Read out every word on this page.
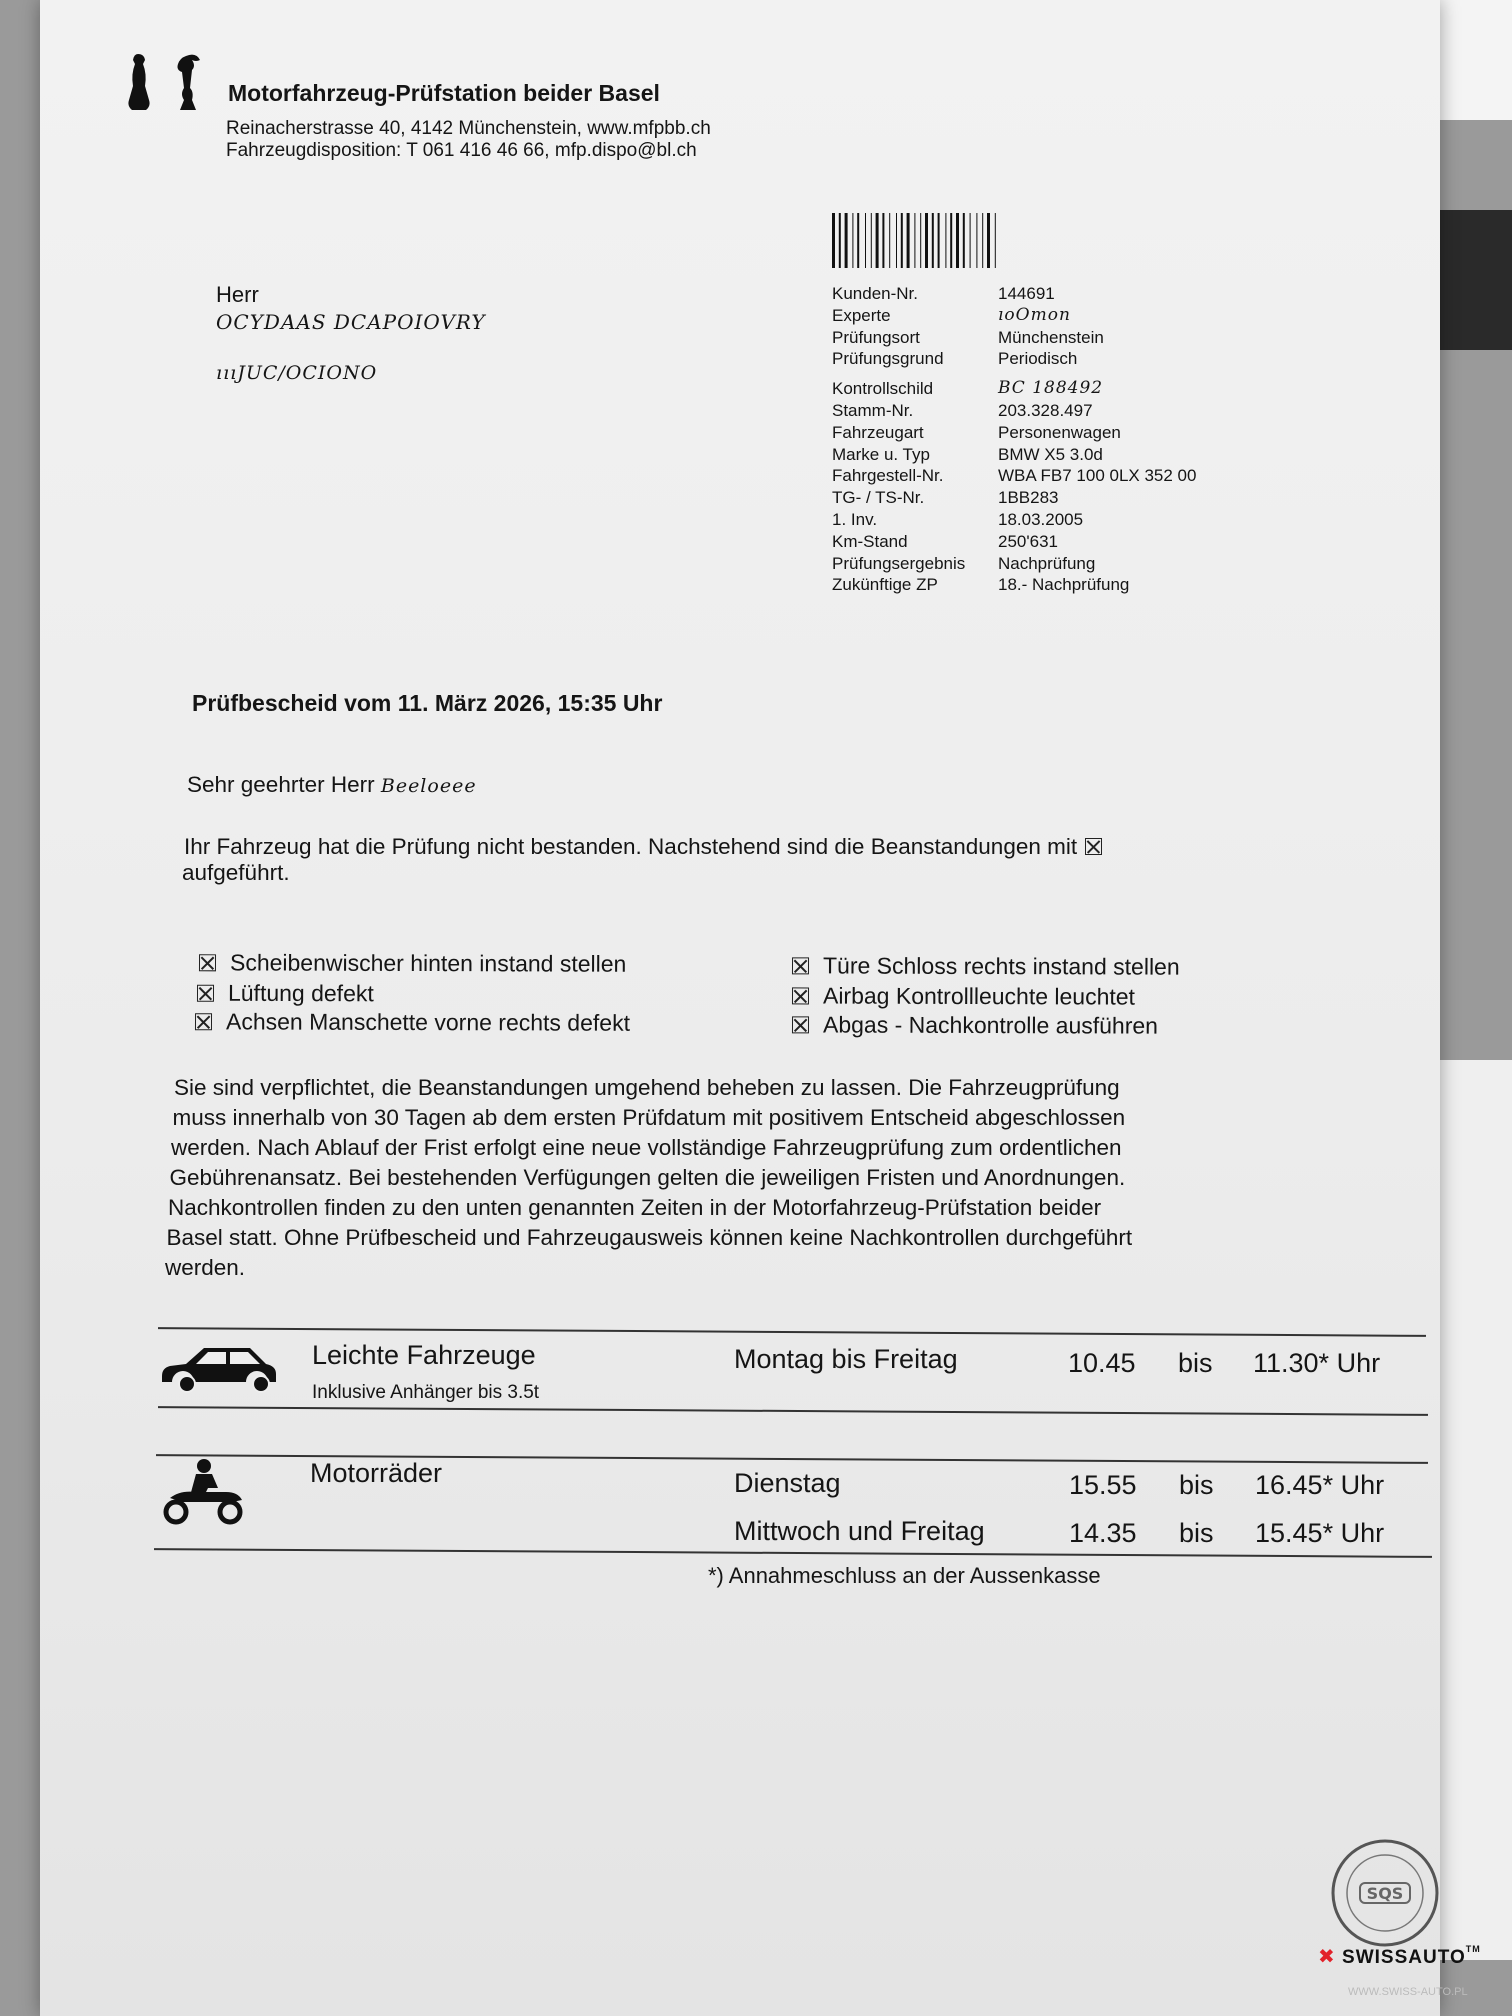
Motorfahrzeug-Prüfstation beider Basel
Reinacherstrasse 40, 4142 Münchenstein, www.mfpbb.ch
Fahrzeugdisposition: T 061 416 46 66, mfp.dispo@bl.ch
Herr
OCYDAAS DCAPOIOVRY
ıııJUC/OCIONO
Kunden-Nr.	144691
Experte	ıoOmon
Prüfungsort	Münchenstein
Prüfungsgrund	Periodisch
Kontrollschild	BC 188492
Stamm-Nr.	203.328.497
Fahrzeugart	Personenwagen
Marke u. Typ	BMW X5 3.0d
Fahrgestell-Nr.	WBA FB7 100 0LX 352 00
TG- / TS-Nr.	1BB283
1. Inv.	18.03.2005
Km-Stand	250'631
Prüfungsergebnis	Nachprüfung
Zukünftige ZP	18.- Nachprüfung
Prüfbescheid vom 11. März 2026, 15:35 Uhr
Sehr geehrter Herr Beeloeee
Ihr Fahrzeug hat die Prüfung nicht bestanden. Nachstehend sind die Beanstandungen mit
aufgeführt.
Sie sind verpflichtet, die Beanstandungen umgehend beheben zu lassen. Die Fahrzeugprüfung
muss innerhalb von 30 Tagen ab dem ersten Prüfdatum mit positivem Entscheid abgeschlossen
werden. Nach Ablauf der Frist erfolgt eine neue vollständige Fahrzeugprüfung zum ordentlichen
Gebührenansatz. Bei bestehenden Verfügungen gelten die jeweiligen Fristen und Anordnungen.
Nachkontrollen finden zu den unten genannten Zeiten in der Motorfahrzeug-Prüfstation beider
Basel statt. Ohne Prüfbescheid und Fahrzeugausweis können keine Nachkontrollen durchgeführt
werden.
Leichte Fahrzeuge
Inklusive Anhänger bis 3.5t
Montag bis Freitag	10.45 bis 11.30* Uhr
Motorräder
*) Annahmeschluss an der Aussenkasse
SQS
Scheibenwischer hinten instand stellen
Lüftung defekt
Achsen Manschette vorne rechts defekt
Türe Schloss rechts instand stellen
Airbag Kontrollleuchte leuchtet
Abgas - Nachkontrolle ausführen
Dienstag	15.55 bis 16.45* Uhr
Mittwoch und Freitag	14.35 bis 15.45* Uhr
✖ SWISSAUTO™
WWW.SWISS-AUTO.PL
